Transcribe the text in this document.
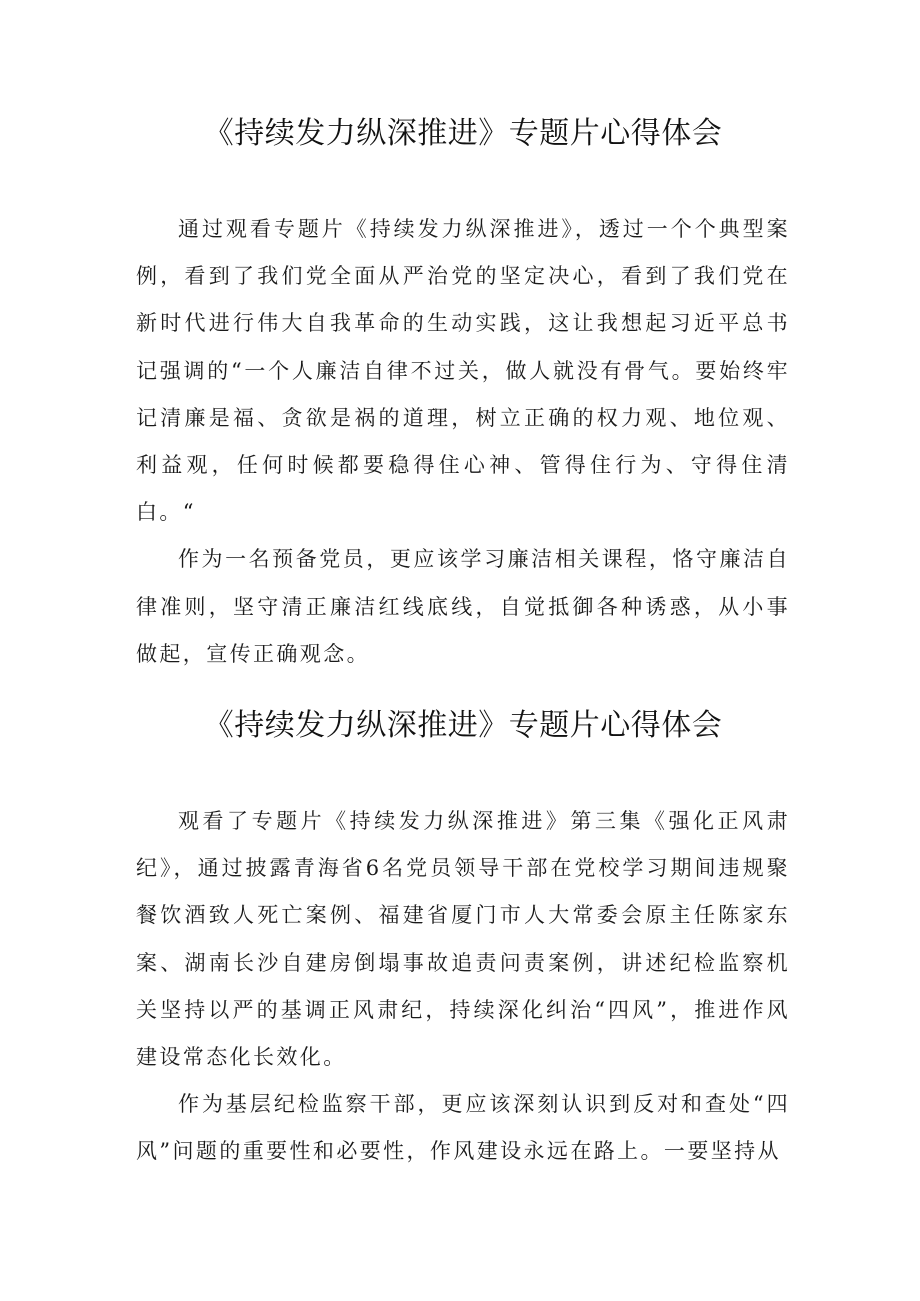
《持续发力纵深推进》专题片心得体会

通过观看专题片《持续发力纵深推进》，透过一个个典型案例，看到了我们党全面从严治党的坚定决心，看到了我们党在新时代进行伟大自我革命的生动实践，这让我想起习近平总书记强调的“一个人廉洁自律不过关，做人就没有骨气。要始终牢记清廉是福、贪欲是祸的道理，树立正确的权力观、地位观、利益观，任何时候都要稳得住心神、管得住行为、守得住清白。“

作为一名预备党员，更应该学习廉洁相关课程，恪守廉洁自律准则，坚守清正廉洁红线底线，自觉抵御各种诱惑，从小事做起，宣传正确观念。

《持续发力纵深推进》专题片心得体会

观看了专题片《持续发力纵深推进》第三集《强化正风肃纪》，通过披露青海省6名党员领导干部在党校学习期间违规聚餐饮酒致人死亡案例、福建省厦门市人大常委会原主任陈家东案、湖南长沙自建房倒塌事故追责问责案例，讲述纪检监察机关坚持以严的基调正风肃纪，持续深化纠治“四风”，推进作风建设常态化长效化。

作为基层纪检监察干部，更应该深刻认识到反对和查处“四风”问题的重要性和必要性，作风建设永远在路上。一要坚持从
